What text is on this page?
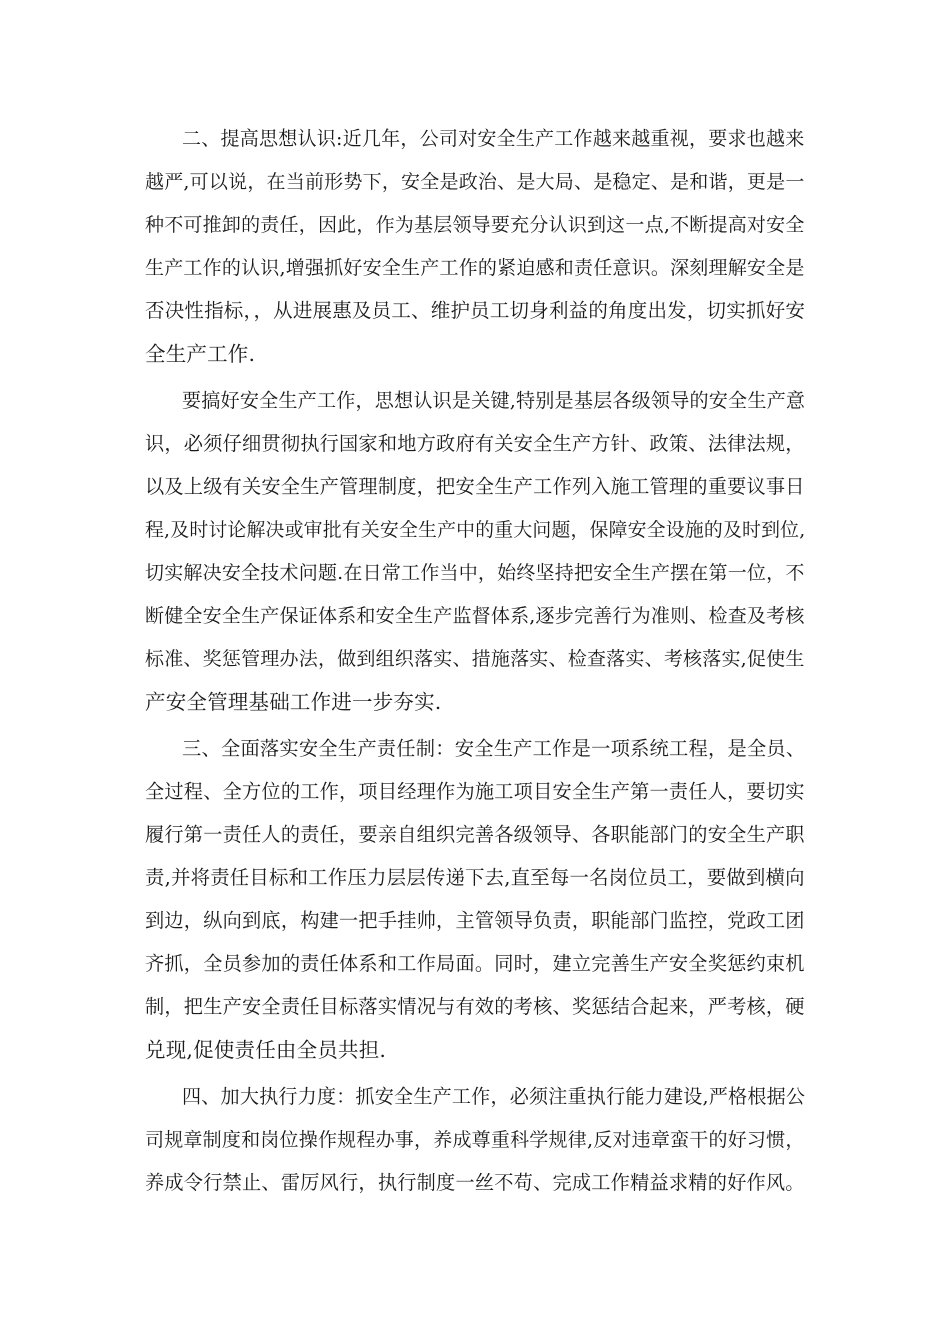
二、提高思想认识:近几年，公司对安全生产工作越来越重视，要求也越来
越严,可以说，在当前形势下，安全是政治、是大局、是稳定、是和谐，更是一
种不可推卸的责任，因此，作为基层领导要充分认识到这一点,不断提高对安全
生产工作的认识,增强抓好安全生产工作的紧迫感和责任意识。深刻理解安全是
否决性指标，，从进展惠及员工、维护员工切身利益的角度出发，切实抓好安
全生产工作.
要搞好安全生产工作，思想认识是关键,特别是基层各级领导的安全生产意
识，必须仔细贯彻执行国家和地方政府有关安全生产方针、政策、法律法规，
以及上级有关安全生产管理制度，把安全生产工作列入施工管理的重要议事日
程,及时讨论解决或审批有关安全生产中的重大问题，保障安全设施的及时到位,
切实解决安全技术问题.在日常工作当中，始终坚持把安全生产摆在第一位，不
断健全安全生产保证体系和安全生产监督体系,逐步完善行为准则、检查及考核
标准、奖惩管理办法，做到组织落实、措施落实、检查落实、考核落实,促使生
产安全管理基础工作进一步夯实.
三、全面落实安全生产责任制：安全生产工作是一项系统工程，是全员、
全过程、全方位的工作，项目经理作为施工项目安全生产第一责任人，要切实
履行第一责任人的责任，要亲自组织完善各级领导、各职能部门的安全生产职
责,并将责任目标和工作压力层层传递下去,直至每一名岗位员工，要做到横向
到边，纵向到底，构建一把手挂帅，主管领导负责，职能部门监控，党政工团
齐抓，全员参加的责任体系和工作局面。同时，建立完善生产安全奖惩约束机
制，把生产安全责任目标落实情况与有效的考核、奖惩结合起来，严考核，硬
兑现,促使责任由全员共担.
四、加大执行力度：抓安全生产工作，必须注重执行能力建设,严格根据公
司规章制度和岗位操作规程办事，养成尊重科学规律,反对违章蛮干的好习惯，
养成令行禁止、雷厉风行，执行制度一丝不苟、完成工作精益求精的好作风。
